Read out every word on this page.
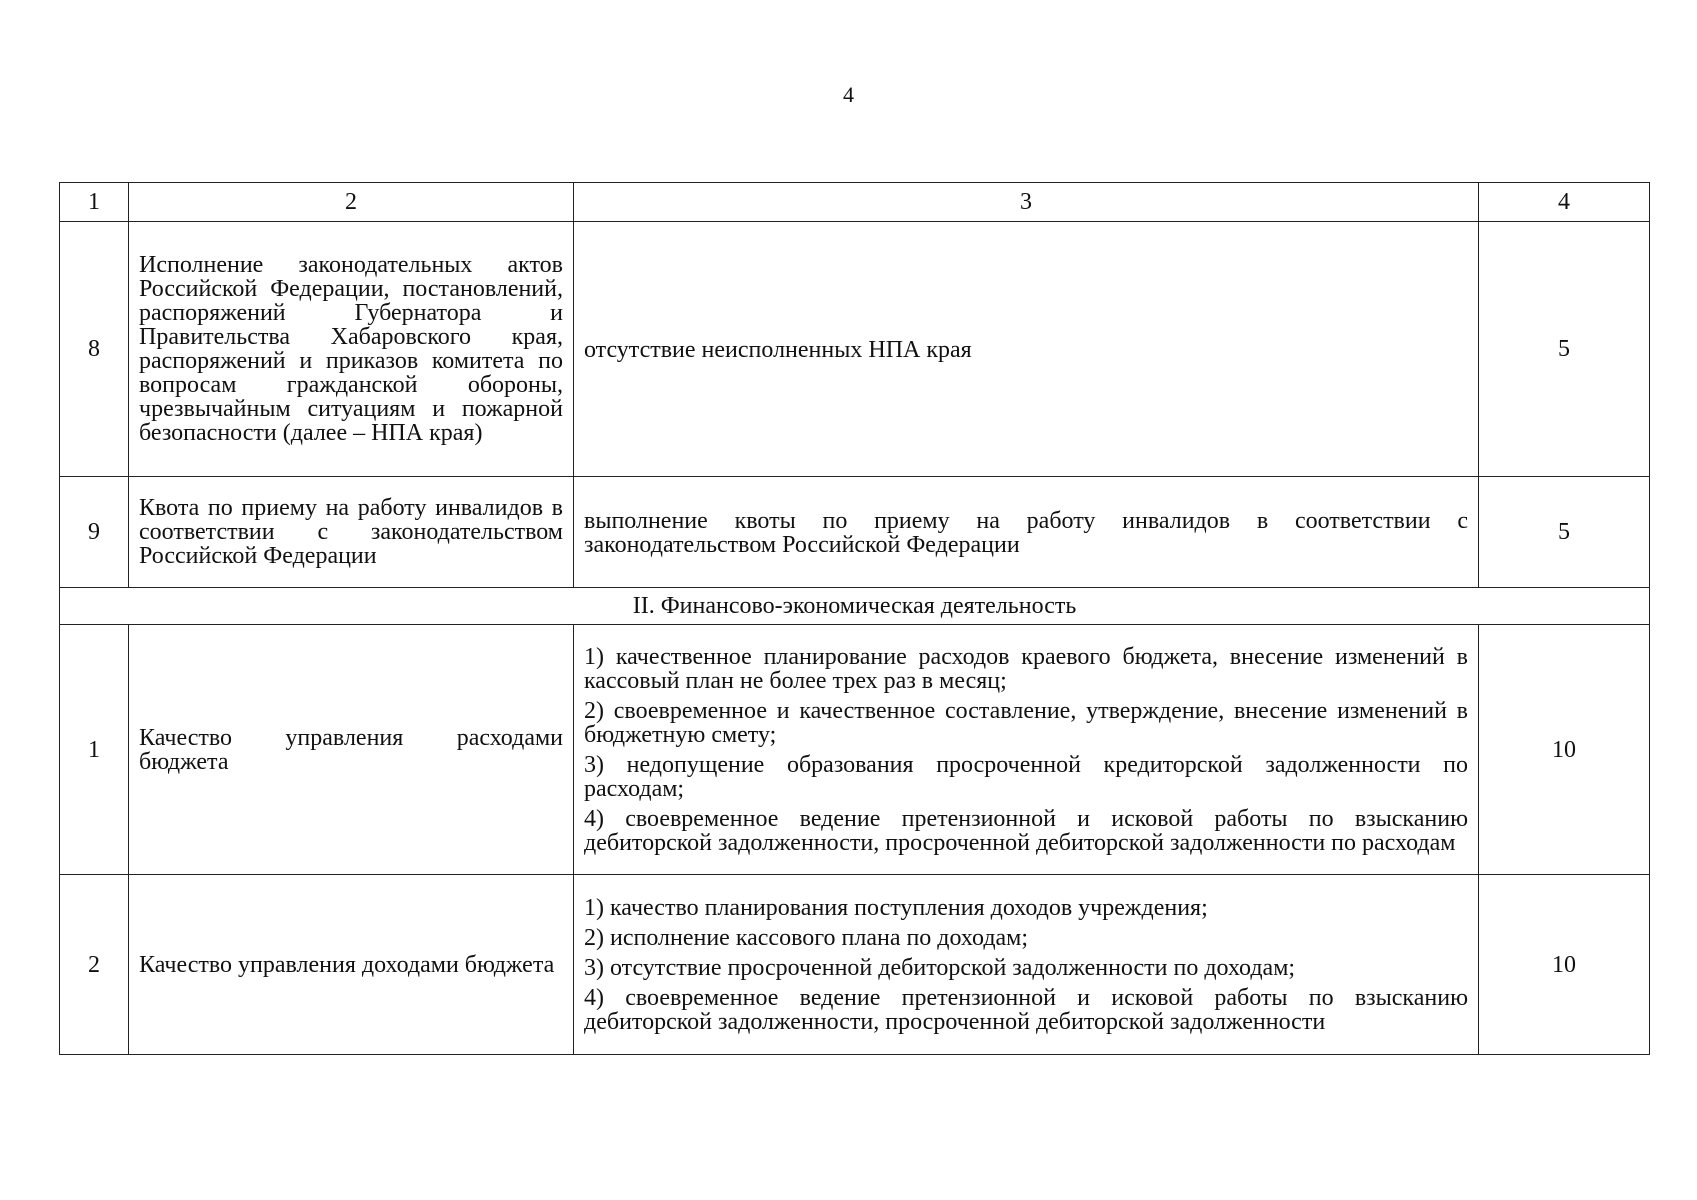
4
1	2	3	4
8	Исполнение законодательных актов Российской Федерации, постановлений, распоряжений Губернатора и Правительства Хабаровского края, распоряжений и приказов комитета по вопросам гражданской обороны, чрезвычайным ситуациям и пожарной безопасности (далее – НПА края)	отсутствие неисполненных НПА края	5
9	Квота по приему на работу инвалидов в соответствии с законодательством Российской Федерации	выполнение квоты по приему на работу инвалидов в соответствии с законодательством Российской Федерации	5
II. Финансово-экономическая деятельность			
1	Качество управления расходами бюджета	1) качественное планирование расходов краевого бюджета, внесение изменений в кассовый план не более трех раз в месяц;
2) своевременное и качественное составление, утверждение, внесение изменений в бюджетную смету;
3) недопущение образования просроченной кредиторской задолженности по расходам;
4) своевременное ведение претензионной и исковой работы по взысканию дебиторской задолженности, просроченной дебиторской задолженности по расходам	10
2	Качество управления доходами бюджета	1) качество планирования поступления доходов учреждения;
2) исполнение кассового плана по доходам;
3) отсутствие просроченной дебиторской задолженности по доходам;
4) своевременное ведение претензионной и исковой работы по взысканию дебиторской задолженности, просроченной дебиторской задолженности	10
